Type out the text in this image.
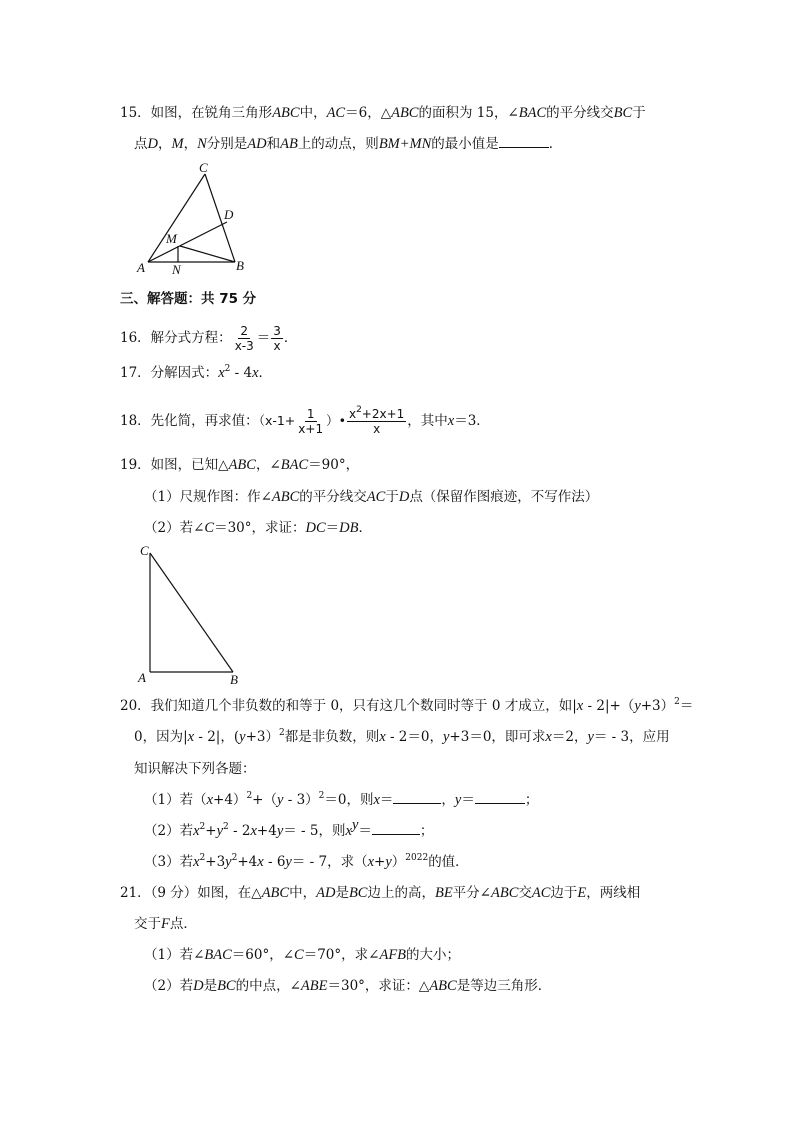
15．如图，在锐角三角形ABC中，AC＝6，△ABC的面积为 15，∠BAC的平分线交BC于
点D，M，N分别是AD和AB上的动点，则BM+MN的最小值是	．
C
D
M
A N	B
三、解答题：共 75 分
16．解分式方程： $\frac{2}{x-3} = \frac{3}{x}$ ．
17．分解因式：$x^2 - 4x$．
18．先化简，再求值：（$x-1+ \frac{1}{x+1}$ ）• $\frac{x^2+2x+1}{x}$ ，其中x＝3．
19．如图，已知△ABC，∠BAC＝90°，
（1）尺规作图：作∠ABC的平分线交AC于D点（保留作图痕迹，不写作法）
（2）若∠C＝30°，求证：DC＝DB．
C
A	B
20．我们知道几个非负数的和等于 0，只有这几个数同时等于 0 才成立，如$|x - 2|+(y+3)^2=$
0，因为|x - 2|，(y+3）$^2$都是非负数，则x - 2＝0，y+3＝0，即可求x＝2，y＝ - 3，应用
知识解决下列各题：
（1）若$(x+4)^2+(y - 3)^2=0$，则x＝	，y＝	；
（2）若$x^2+y^2 - 2x+4y= - 5$，则$x^y=$	；
（3）若$x^2+3y^2+4x - 6y= - 7$，求$(x+y)^{2022}$的值．
21．（9 分）如图，在△ABC中，AD是BC边上的高，BE平分∠ABC交AC边于E，两线相
交于F点．
（1）若∠BAC＝60°，∠C＝70°，求∠AFB的大小；
（2）若D是BC的中点，∠ABE＝30°，求证：△ABC是等边三角形．
